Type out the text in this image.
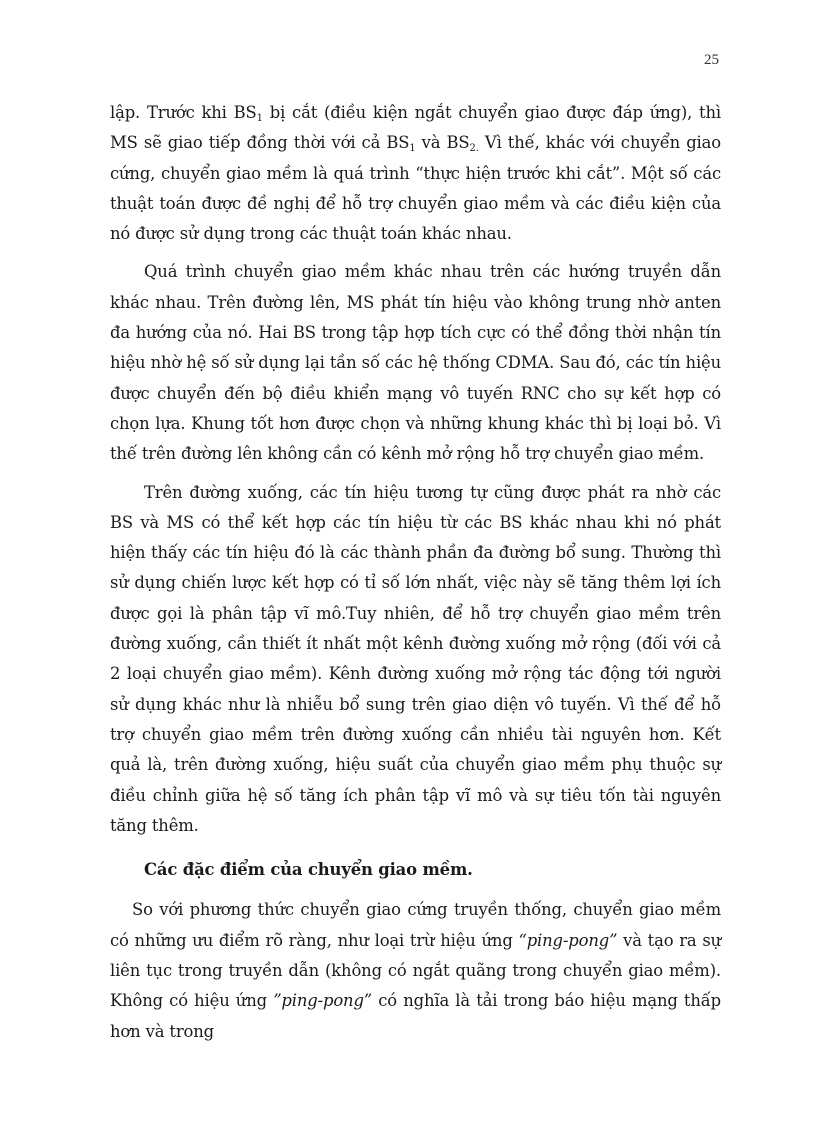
25

lập. Trước khi $BS_1$ bị cắt (điều kiện ngắt chuyển giao được đáp ứng), thì MS sẽ giao tiếp đồng thời với cả $BS_1$ và $BS_{2.}$ Vì thế, khác với chuyển giao cứng, chuyển giao mềm là quá trình “thực hiện trước khi cắt”. Một số các thuật toán được đề nghị để hỗ trợ chuyển giao mềm và các điều kiện của nó được sử dụng trong các thuật toán khác nhau.

Quá trình chuyển giao mềm khác nhau trên các hướng truyền dẫn khác nhau. Trên đường lên, MS phát tín hiệu vào không trung nhờ anten đa hướng của nó. Hai BS trong tập hợp tích cực có thể đồng thời nhận tín hiệu nhờ hệ số sử dụng lại tần số các hệ thống CDMA. Sau đó, các tín hiệu được chuyển đến bộ điều khiển mạng vô tuyến RNC cho sự kết hợp có chọn lựa. Khung tốt hơn được chọn và những khung khác thì bị loại bỏ. Vì thế trên đường lên không cần có kênh mở rộng hỗ trợ chuyển giao mềm.

Trên đường xuống, các tín hiệu tương tự cũng được phát ra nhờ các BS và MS có thể kết hợp các tín hiệu từ các BS khác nhau khi nó phát hiện thấy các tín hiệu đó là các thành phần đa đường bổ sung. Thường thì sử dụng chiến lược kết hợp có tỉ số lớn nhất, việc này sẽ tăng thêm lợi ích được gọi là phân tập vĩ mô.Tuy nhiên, để hỗ trợ chuyển giao mềm trên đường xuống, cần thiết ít nhất một kênh đường xuống mở rộng (đối với cả 2 loại chuyển giao mềm). Kênh đường xuống mở rộng tác động tới người sử dụng khác như là nhiễu bổ sung trên giao diện vô tuyến. Vì thế để hỗ trợ chuyển giao mềm trên đường xuống cần nhiều tài nguyên hơn. Kết quả là, trên đường xuống, hiệu suất của chuyển giao mềm phụ thuộc sự điều chỉnh giữa hệ số tăng ích phân tập vĩ mô và sự tiêu tốn tài nguyên tăng thêm.

Các đặc điểm của chuyển giao mềm.

So với phương thức chuyển giao cứng truyền thống, chuyển giao mềm có những ưu điểm rõ ràng, như loại trừ hiệu ứng “ping-pong” và tạo ra sự liên tục trong truyền dẫn (không có ngắt quãng trong chuyển giao mềm). Không có hiệu ứng ”ping-pong” có nghĩa là tải trong báo hiệu mạng thấp hơn và trong
